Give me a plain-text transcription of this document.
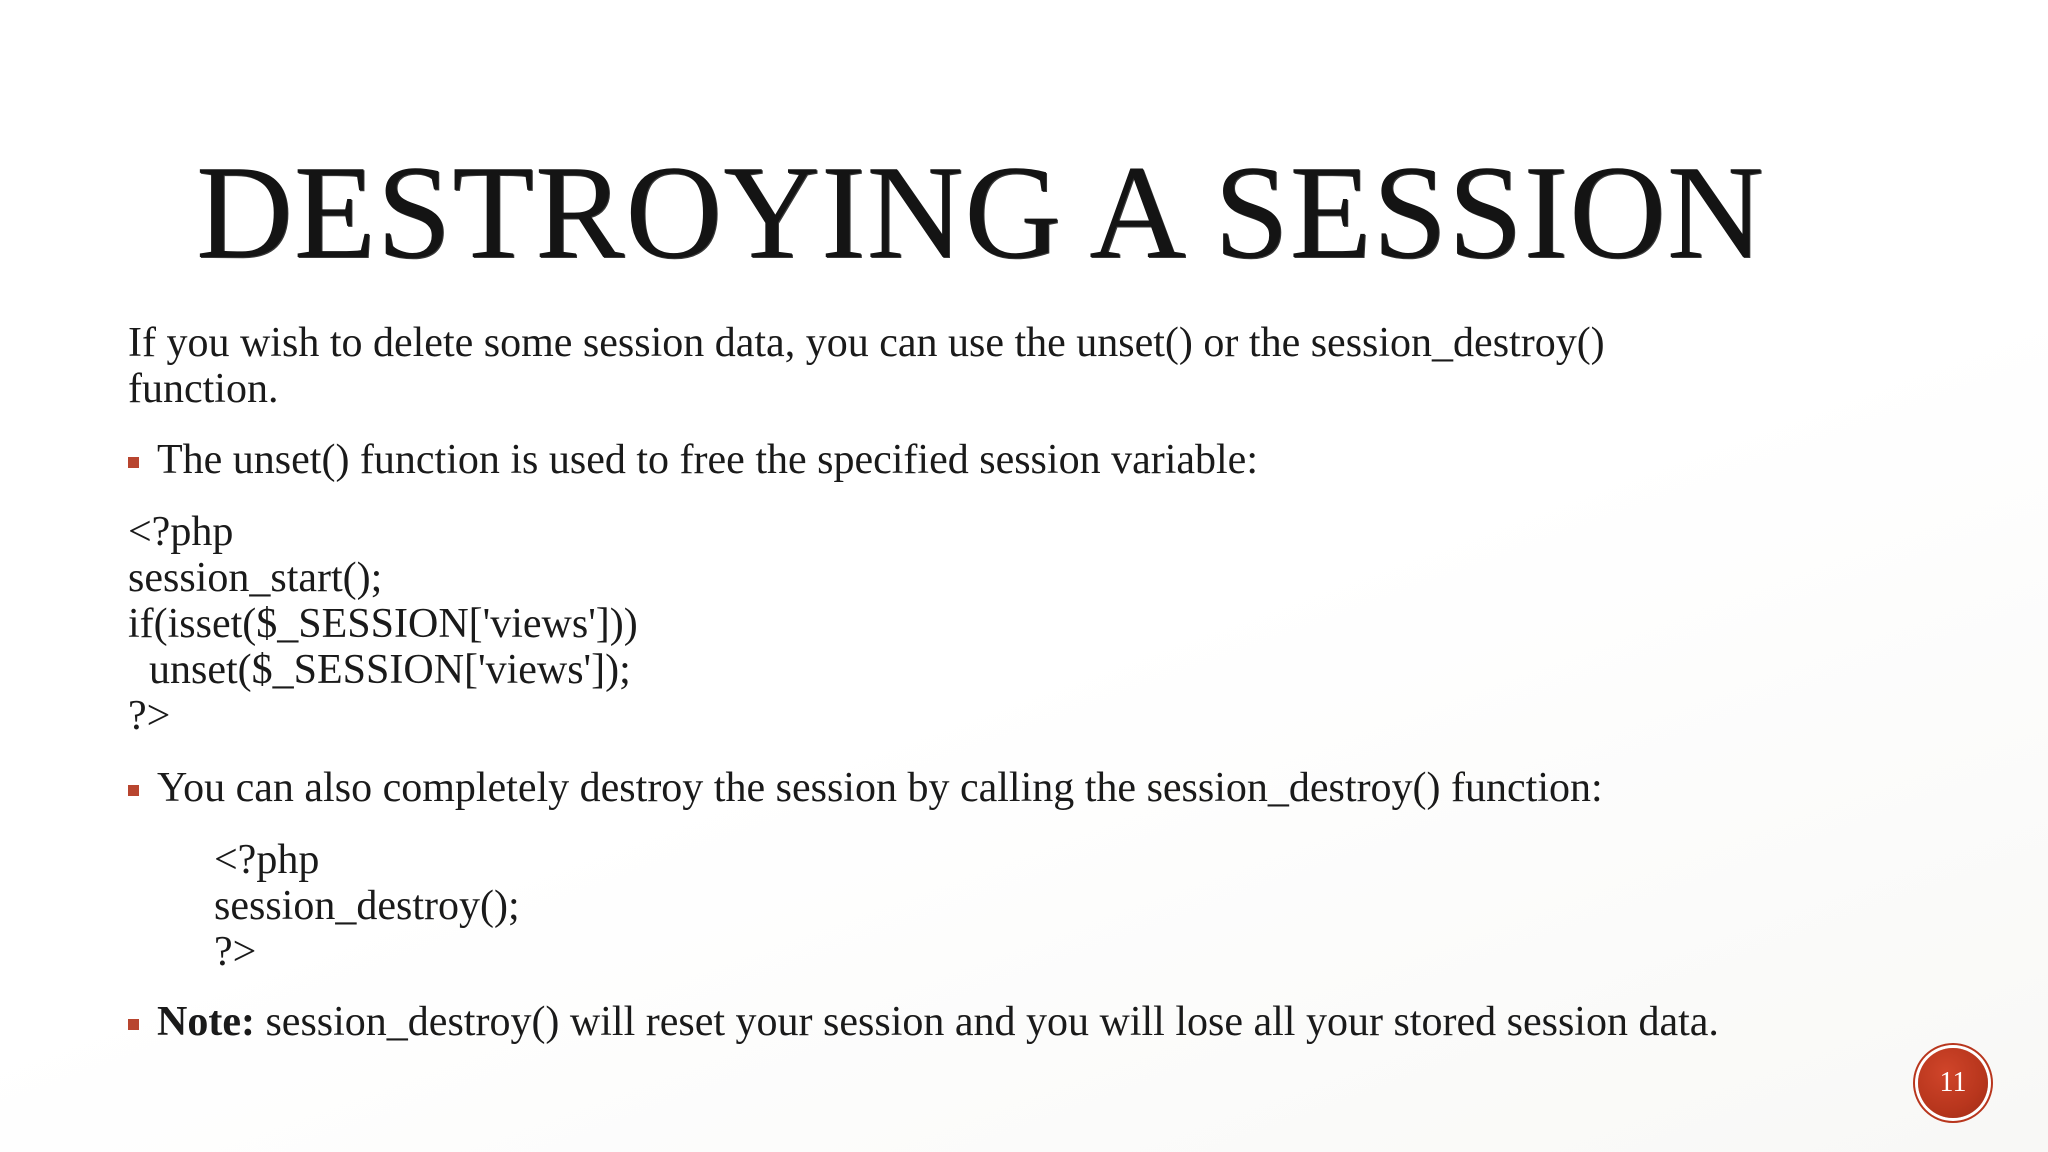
DESTROYING A SESSION
If you wish to delete some session data, you can use the unset() or the session_destroy()
function.
The unset() function is used to free the specified session variable:
<?php
session_start();
if(isset($_SESSION['views']))
unset($_SESSION['views']);
?>
You can also completely destroy the session by calling the session_destroy() function:
<?php
session_destroy();
?>
Note: session_destroy() will reset your session and you will lose all your stored session data.
11
